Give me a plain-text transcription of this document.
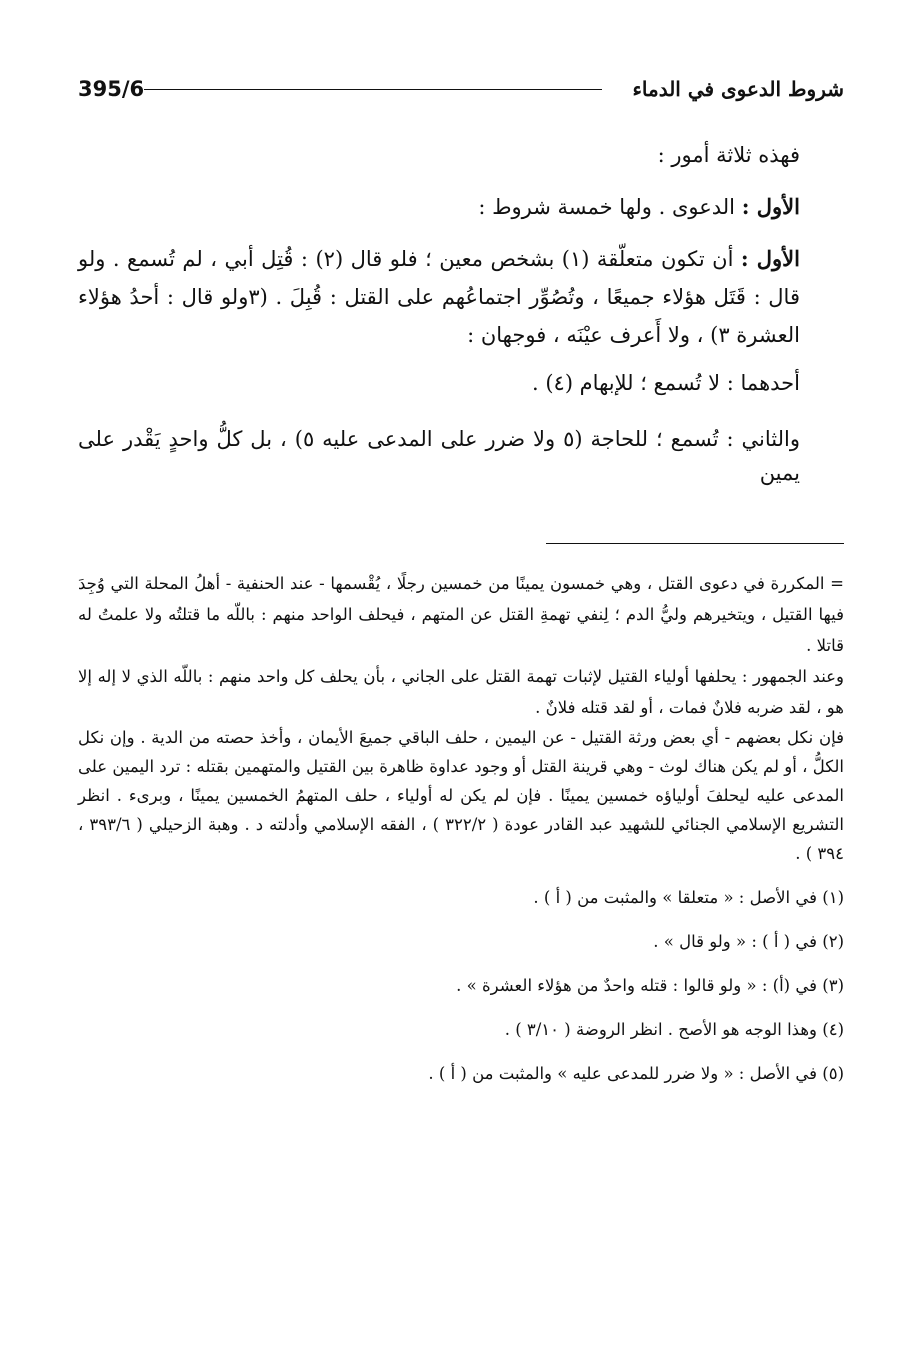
395/6	شروط الدعوى في الدماء

فهذه ثلاثة أمور :

الأول : الدعوى . ولها خمسة شروط :

الأول : أن تكون متعلّقة (١) بشخص معين ؛ فلو قال (٢) : قُتِل أبي ، لم تُسمع . ولو قال : قَتَل هؤلاء جميعًا ، وتُصُوِّر اجتماعُهم على القتل : قُبِلَ . (٣ولو قال : أحدُ هؤلاء العشرة ٣) ، ولا أَعرف عيْنَه ، فوجهان :

أحدهما : لا تُسمع ؛ للإبهام (٤) .

والثاني : تُسمع ؛ للحاجة (٥ ولا ضرر على المدعى عليه ٥) ، بل كلُّ واحدٍ يَقْدر على يمين

= المكررة في دعوى القتل ، وهي خمسون يمينًا من خمسين رجلًا ، يُقْسمها - عند الحنفية - أهلُ المحلة التي وُجِدَ فيها القتيل ، ويتخيرهم وليُّ الدم ؛ لِنفي تهمةِ القتل عن المتهم ، فيحلف الواحد منهم : باللّه ما قتلتُه ولا علمتُ له قاتلا .

وعند الجمهور : يحلفها أولياء القتيل لإثبات تهمة القتل على الجاني ، بأن يحلف كل واحد منهم : باللّه الذي لا إله إلا هو ، لقد ضربه فلانٌ فمات ، أو لقد قتله فلانٌ .

فإن نكل بعضهم - أي بعض ورثة القتيل - عن اليمين ، حلف الباقي جميعَ الأيمان ، وأخذ حصته من الدية . وإن نكل الكلُّ ، أو لم يكن هناك لوث - وهي قرينة القتل أو وجود عداوة ظاهرة بين القتيل والمتهمين بقتله : ترد اليمين على المدعى عليه ليحلفَ أولياؤه خمسين يمينًا . فإن لم يكن له أولياء ، حلف المتهمُ الخمسين يمينًا ، وبرىء . انظر التشريع الإسلامي الجنائي للشهيد عبد القادر عودة ( ٣٢٢/٢ ) ، الفقه الإسلامي وأدلته د . وهبة الزحيلي ( ٣٩٣/٦ ، ٣٩٤ ) .

(١) في الأصل : « متعلقا » والمثبت من ( أ ) .

(٢) في ( أ ) : « ولو قال » .

(٣) في (أ) : « ولو قالوا : قتله واحدٌ من هؤلاء العشرة » .

(٤) وهذا الوجه هو الأصح . انظر الروضة ( ٣/١٠ ) .

(٥) في الأصل : « ولا ضرر للمدعى عليه » والمثبت من ( أ ) .
